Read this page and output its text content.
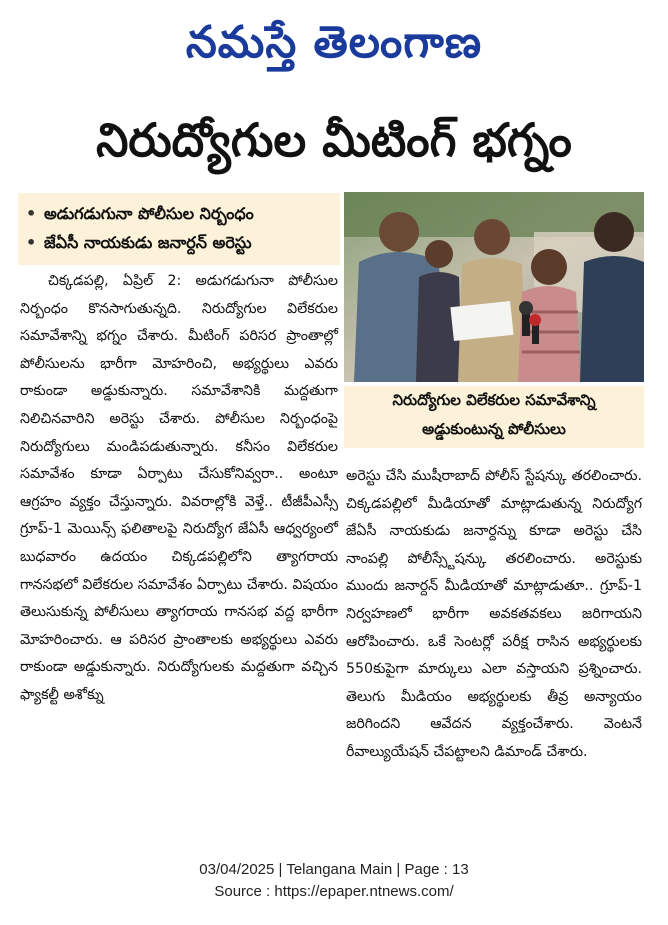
నమస్తే తెలంగాణ
నిరుద్యోగుల మీటింగ్ భగ్నం
• అడుగడుగునా పోలీసుల నిర్బంధం
• జేఏసీ నాయకుడు జనార్దన్ అరెస్టు

చిక్కడపల్లి, ఏప్రిల్ 2: అడుగడుగునా పోలీసుల నిర్బంధం కొనసాగుతున్నది. నిరుద్యోగుల విలేకరుల సమావేశాన్ని భగ్నం చేశారు. మీటింగ్ పరిసర ప్రాంతాల్లో పోలీసులను భారీగా మోహరించి, అభ్యర్థులు ఎవరు రాకుండా అడ్డుకున్నారు. సమావేశానికి మద్దతుగా నిలిచినవారిని అరెస్టు చేశారు. పోలీసుల నిర్బంధంపై నిరుద్యోగులు మండిపడుతున్నారు. కనీసం విలేకరుల సమావేశం కూడా ఏర్పాటు చేసుకోనివ్వరా.. అంటూ ఆగ్రహం వ్యక్తం చేస్తున్నారు. వివరాల్లోకి వెళ్తే.. టీజీపీఎస్సీ గ్రూప్-1 మెయిన్స్ ఫలితాలపై నిరుద్యోగ జేఏసీ ఆధ్వర్యంలో బుధవారం ఉదయం చిక్కడపల్లిలోని త్యాగరాయ గానసభలో విలేకరుల సమావేశం ఏర్పాటు చేశారు. విషయం తెలుసుకున్న పోలీసులు త్యాగరాయ గానసభ వద్ద భారీగా మోహరించారు. ఆ పరిసర ప్రాంతాలకు అభ్యర్థులు ఎవరు రాకుండా అడ్డుకున్నారు. నిరుద్యోగులకు మద్దతుగా వచ్చిన ఫ్యాకల్టీ అశోక్ను

నిరుద్యోగుల విలేకరుల సమావేశాన్ని
అడ్డుకుంటున్న పోలీసులు

అరెస్టు చేసి ముషీరాబాద్ పోలీస్ స్టేషన్కు తరలించారు. చిక్కడపల్లిలో మీడియాతో మాట్లాడుతున్న నిరుద్యోగ జేఏసీ నాయకుడు జనార్దన్ను కూడా అరెస్టు చేసి నాంపల్లి పోలీస్స్టేషన్కు తరలించారు. అరెస్టుకు ముందు జనార్దన్ మీడియాతో మాట్లాడుతూ.. గ్రూప్-1 నిర్వహణలో భారీగా అవకతవకలు జరిగాయని ఆరోపించారు. ఒకే సెంటర్లో పరీక్ష రాసిన అభ్యర్థులకు 550కుపైగా మార్కులు ఎలా వస్తాయని ప్రశ్నించారు. తెలుగు మీడియం అభ్యర్థులకు తీవ్ర అన్యాయం జరిగిందని ఆవేదన వ్యక్తంచేశారు. వెంటనే రీవాల్యుయేషన్ చేపట్టాలని డిమాండ్ చేశారు.

03/04/2025 | Telangana Main | Page : 13
Source : https://epaper.ntnews.com/
